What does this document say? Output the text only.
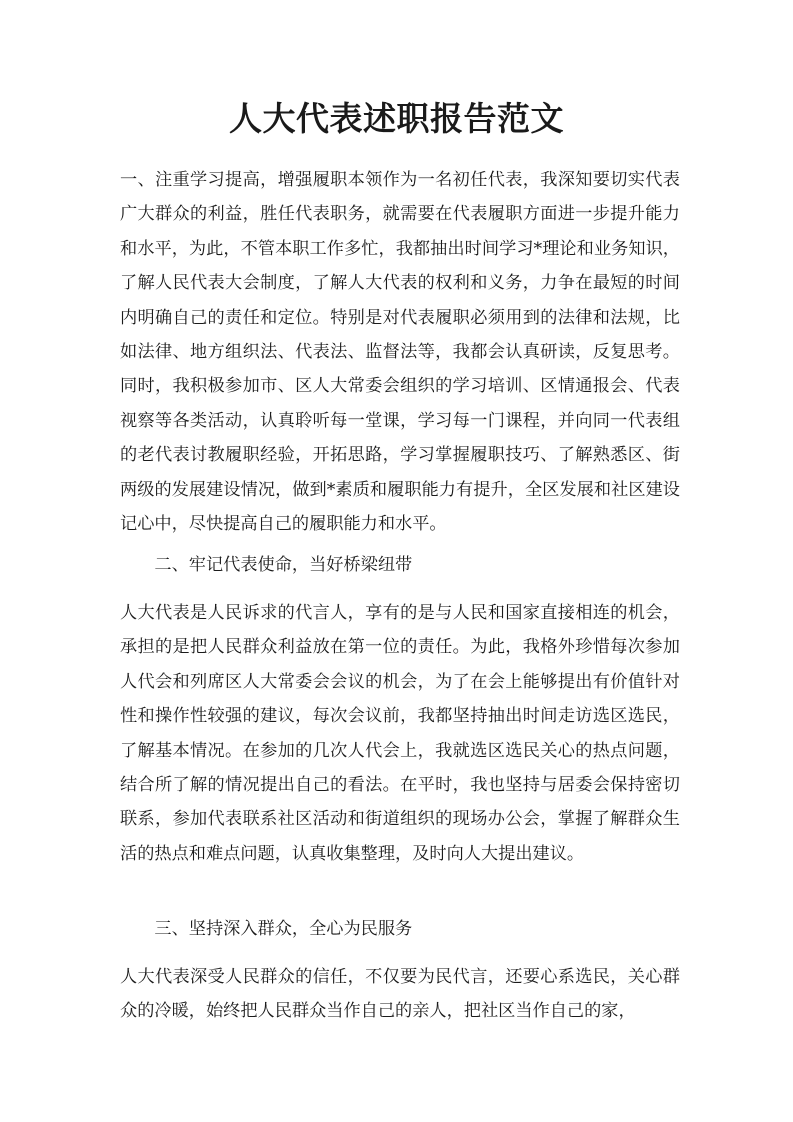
人大代表述职报告范文

一、注重学习提高，增强履职本领作为一名初任代表，我深知要切实代表广大群众的利益，胜任代表职务，就需要在代表履职方面进一步提升能力和水平，为此，不管本职工作多忙，我都抽出时间学习*理论和业务知识，了解人民代表大会制度，了解人大代表的权利和义务，力争在最短的时间内明确自己的责任和定位。特别是对代表履职必须用到的法律和法规，比如法律、地方组织法、代表法、监督法等，我都会认真研读，反复思考。同时，我积极参加市、区人大常委会组织的学习培训、区情通报会、代表视察等各类活动，认真聆听每一堂课，学习每一门课程，并向同一代表组的老代表讨教履职经验，开拓思路，学习掌握履职技巧、了解熟悉区、街两级的发展建设情况，做到*素质和履职能力有提升，全区发展和社区建设记心中，尽快提高自己的履职能力和水平。

二、牢记代表使命，当好桥梁纽带

人大代表是人民诉求的代言人，享有的是与人民和国家直接相连的机会，承担的是把人民群众利益放在第一位的责任。为此，我格外珍惜每次参加人代会和列席区人大常委会会议的机会，为了在会上能够提出有价值针对性和操作性较强的建议，每次会议前，我都坚持抽出时间走访选区选民，了解基本情况。在参加的几次人代会上，我就选区选民关心的热点问题，结合所了解的情况提出自己的看法。在平时，我也坚持与居委会保持密切联系，参加代表联系社区活动和街道组织的现场办公会，掌握了解群众生活的热点和难点问题，认真收集整理，及时向人大提出建议。

三、坚持深入群众，全心为民服务

人大代表深受人民群众的信任，不仅要为民代言，还要心系选民，关心群众的冷暖，始终把人民群众当作自己的亲人，把社区当作自己的家，
